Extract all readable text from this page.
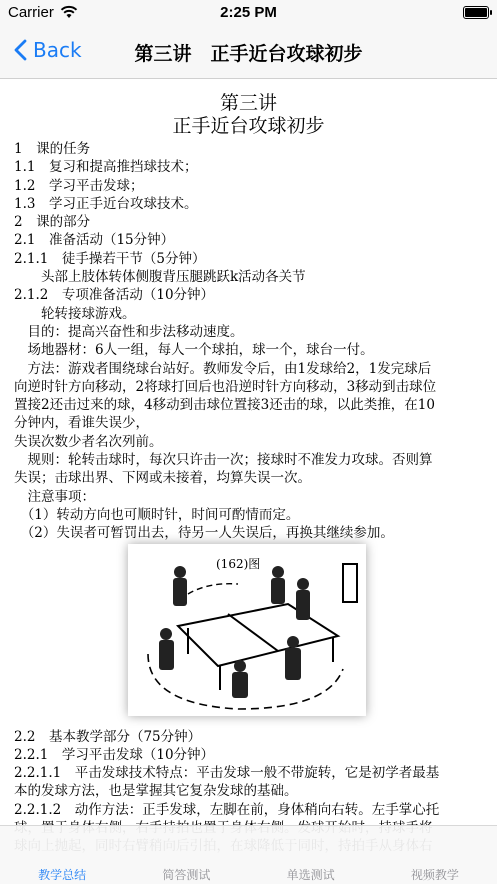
Carrier	2:25 PM
Back	第三讲　正手近台攻球初步
第三讲
正手近台攻球初步
1　课的任务
1.1　复习和提高推挡球技术；
1.2　学习平击发球；
1.3　学习正手近台攻球技术。
2　课的部分
2.1　准备活动（15分钟）
2.1.1　徒手操若干节（5分钟）
　　头部上肢体转体侧腹背压腿跳跃k活动各关节
2.1.2　专项准备活动（10分钟）
　　轮转接球游戏。
　目的：提高兴奋性和步法移动速度。
　场地器材：6人一组，每人一个球拍，球一个，球台一付。
　方法：游戏者围绕球台站好。教师发令后，由1发球给2，1发完球后
向逆时针方向移动，2将球打回后也沿逆时针方向移动，3移动到击球位
置接2还击过来的球，4移动到击球位置接3还击的球，以此类推，在10
分钟内，看谁失误少，
失误次数少者名次列前。
　规则：轮转击球时，每次只许击一次；接球时不准发力攻球。否则算
失误；击球出界、下网或未接着，均算失误一次。
　注意事项：
　（1）转动方向也可顺时针，时间可酌情而定。
　（2）失误者可暂罚出去，待另一人失误后，再换其继续参加。
2.2　基本教学部分（75分钟）
2.2.1　学习平击发球（10分钟）
2.2.1.1　平击发球技术特点：平击发球一般不带旋转，它是初学者最基
本的发球方法，也是掌握其它复杂发球的基础。
2.2.1.2　动作方法：正手发球，左脚在前，身体稍向右转。左手掌心托
(162)图
教学总结	简答测试	单选测试	视频教学
